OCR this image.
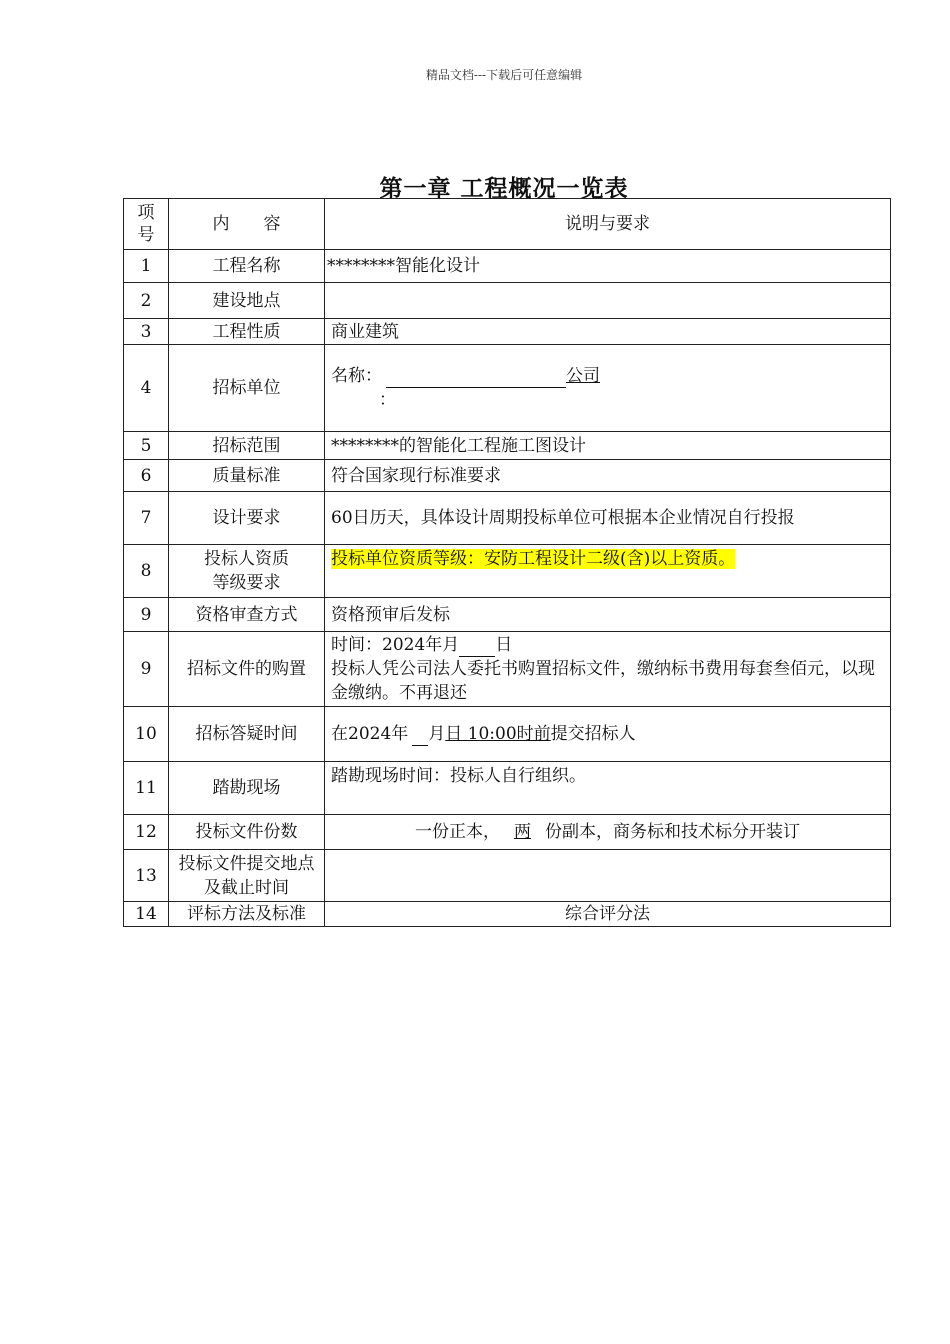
精品文档---下载后可任意编辑
第一章 工程概况一览表
项号	内　　容	说明与要求
1	工程名称	********智能化设计
2	建设地点	
3	工程性质	商业建筑
4	招标单位	名称： 公司
：

5	招标范围	********的智能化工程施工图设计
6	质量标准	符合国家现行标准要求
7	设计要求	60日历天，具体设计周期投标单位可根据本企业情况自行投报
8	投标人资质等级要求	投标单位资质等级：安防工程设计二级(含)以上资质。
9	资格审查方式	资格预审后发标
9	招标文件的购置	时间：2024年月 日
投标人凭公司法人委托书购置招标文件，缴纳标书费用每套叁佰元，以现金缴纳。不再退还

10	招标答疑时间	在2024年 月日 10:00时前提交招标人
11	踏勘现场	踏勘现场时间：投标人自行组织。
12	投标文件份数	一份正本， 两 份副本，商务标和技术标分开装订
13	投标文件提交地点及截止时间	
14	评标方法及标准	综合评分法
